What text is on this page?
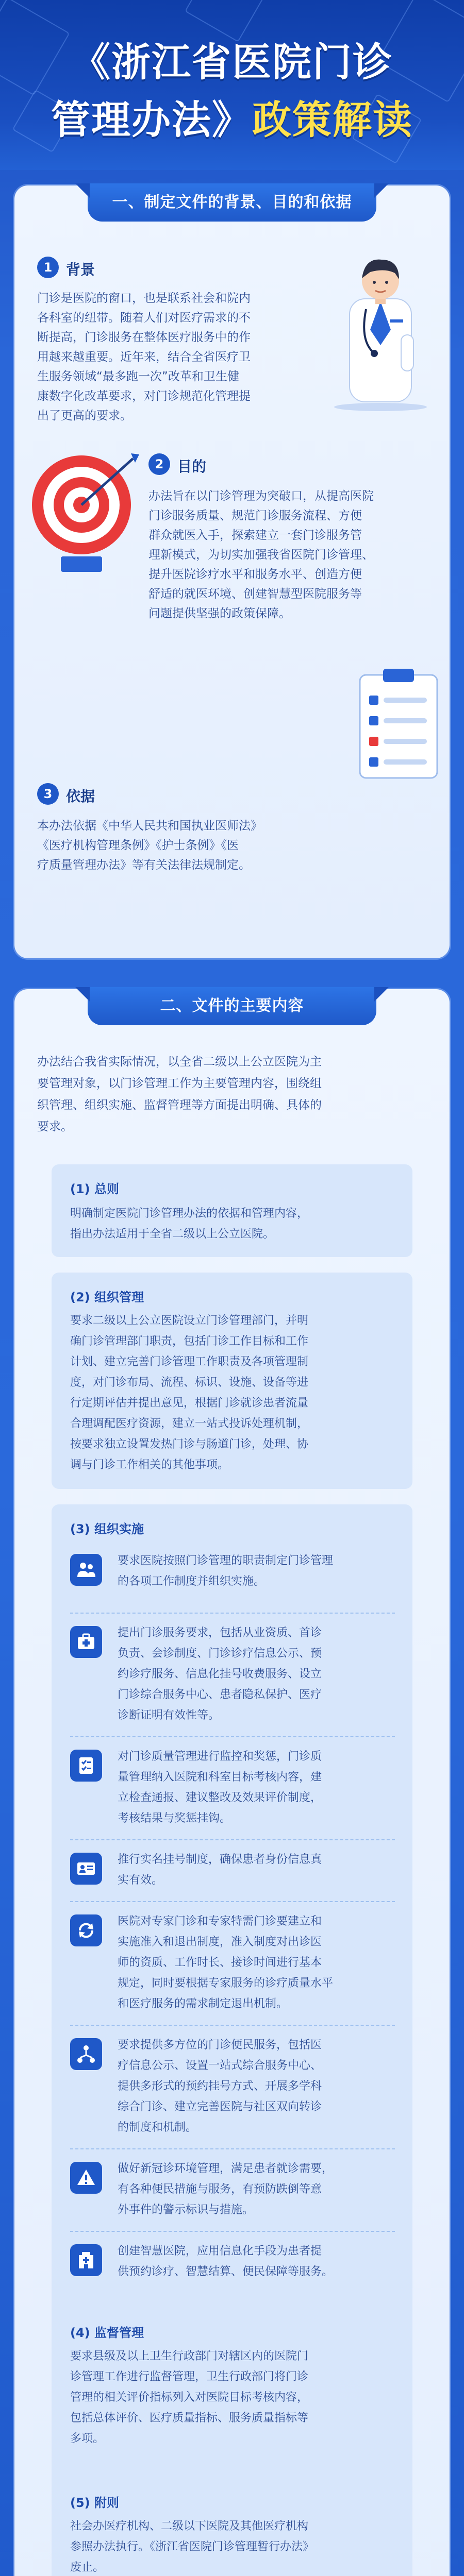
《浙江省医院门诊
管理办法》政策解读
一、制定文件的背景、目的和依据
1 背景
门诊是医院的窗口，也是联系社会和院内
各科室的纽带。随着人们对医疗需求的不
断提高，门诊服务在整体医疗服务中的作
用越来越重要。近年来，结合全省医疗卫
生服务领域“最多跑一次”改革和卫生健
康数字化改革要求，对门诊规范化管理提
出了更高的要求。
2 目的
办法旨在以门诊管理为突破口，从提高医院
门诊服务质量、规范门诊服务流程、方便
群众就医入手，探索建立一套门诊服务管
理新模式，为切实加强我省医院门诊管理、
提升医院诊疗水平和服务水平、创造方便
舒适的就医环境、创建智慧型医院服务等
问题提供坚强的政策保障。
3 依据
本办法依据《中华人民共和国执业医师法》
《医疗机构管理条例》《护士条例》《医
疗质量管理办法》等有关法律法规制定。
二、文件的主要内容
办法结合我省实际情况，以全省二级以上公立医院为主
要管理对象，以门诊管理工作为主要管理内容，围绕组
织管理、组织实施、监督管理等方面提出明确、具体的
要求。
(1) 总则
明确制定医院门诊管理办法的依据和管理内容，
指出办法适用于全省二级以上公立医院。
(2) 组织管理
要求二级以上公立医院设立门诊管理部门，并明
确门诊管理部门职责，包括门诊工作目标和工作
计划、建立完善门诊管理工作职责及各项管理制
度，对门诊布局、流程、标识、设施、设备等进
行定期评估并提出意见，根据门诊就诊患者流量
合理调配医疗资源，建立一站式投诉处理机制，
按要求独立设置发热门诊与肠道门诊，处理、协
调与门诊工作相关的其他事项。
(3) 组织实施
要求医院按照门诊管理的职责制定门诊管理
的各项工作制度并组织实施。
提出门诊服务要求，包括从业资质、首诊
负责、会诊制度、门诊诊疗信息公示、预
约诊疗服务、信息化挂号收费服务、设立
门诊综合服务中心、患者隐私保护、医疗
诊断证明有效性等。
对门诊质量管理进行监控和奖惩，门诊质
量管理纳入医院和科室目标考核内容，建
立检查通报、建议整改及效果评价制度，
考核结果与奖惩挂钩。
推行实名挂号制度，确保患者身份信息真
实有效。
医院对专家门诊和专家特需门诊要建立和
实施准入和退出制度，准入制度对出诊医
师的资质、工作时长、接诊时间进行基本
规定，同时要根据专家服务的诊疗质量水平
和医疗服务的需求制定退出机制。
要求提供多方位的门诊便民服务，包括医
疗信息公示、设置一站式综合服务中心、
提供多形式的预约挂号方式、开展多学科
综合门诊、建立完善医院与社区双向转诊
的制度和机制。
做好新冠诊环境管理，满足患者就诊需要，
有各种便民措施与服务，有预防跌倒等意
外事件的警示标识与措施。
创建智慧医院，应用信息化手段为患者提
供预约诊疗、智慧结算、便民保障等服务。
(4) 监督管理
要求县级及以上卫生行政部门对辖区内的医院门
诊管理工作进行监督管理，卫生行政部门将门诊
管理的相关评价指标列入对医院目标考核内容，
包括总体评价、医疗质量指标、服务质量指标等
多项。
(5) 附则
社会办医疗机构、二级以下医院及其他医疗机构
参照办法执行。《浙江省医院门诊管理暂行办法》
废止。
